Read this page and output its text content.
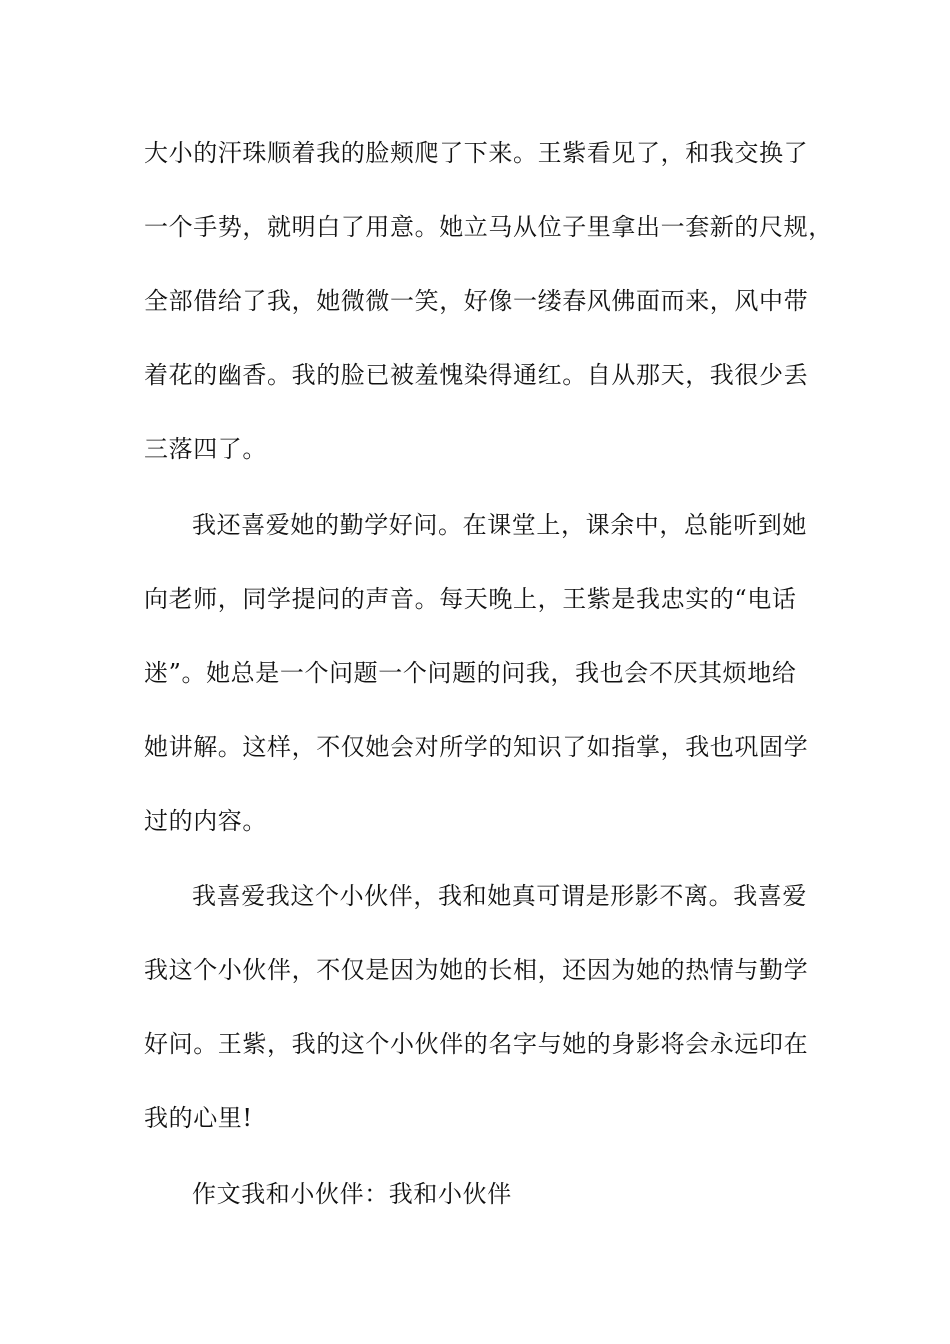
大小的汗珠顺着我的脸颊爬了下来。王紫看见了，和我交换了
一个手势，就明白了用意。她立马从位子里拿出一套新的尺规，
全部借给了我，她微微一笑，好像一缕春风佛面而来，风中带
着花的幽香。我的脸已被羞愧染得通红。自从那天，我很少丢
三落四了。
我还喜爱她的勤学好问。在课堂上，课余中，总能听到她
向老师，同学提问的声音。每天晚上，王紫是我忠实的“电话
迷”。她总是一个问题一个问题的问我，我也会不厌其烦地给
她讲解。这样，不仅她会对所学的知识了如指掌，我也巩固学
过的内容。
我喜爱我这个小伙伴，我和她真可谓是形影不离。我喜爱
我这个小伙伴，不仅是因为她的长相，还因为她的热情与勤学
好问。王紫，我的这个小伙伴的名字与她的身影将会永远印在
我的心里!
作文我和小伙伴：我和小伙伴
